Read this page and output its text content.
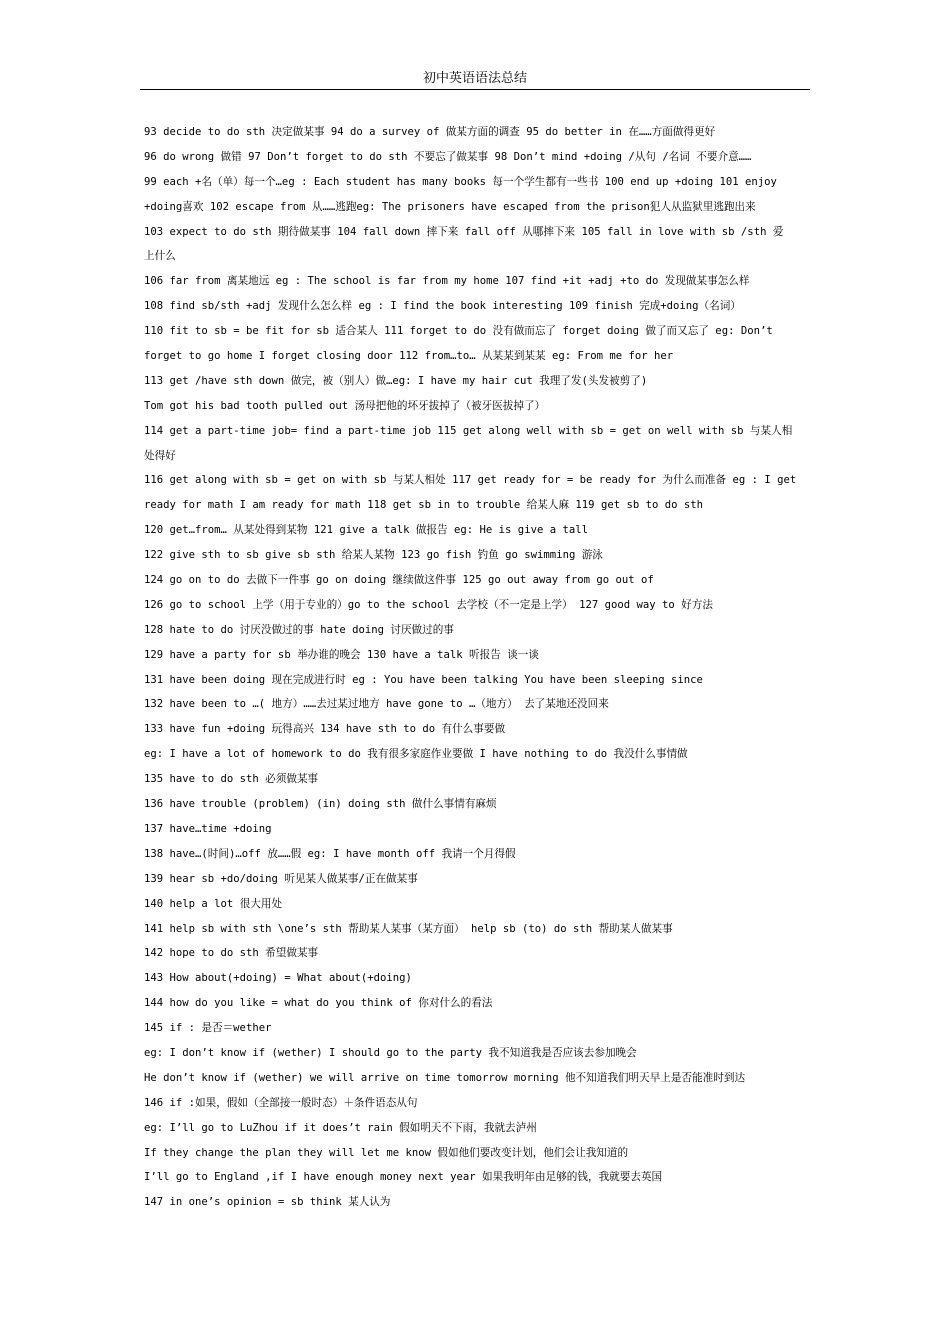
初中英语语法总结
93 decide to do sth 决定做某事 94 do a survey of 做某方面的调查 95 do better in 在……方面做得更好
96 do wrong 做错 97 Don’t forget to do sth 不要忘了做某事 98 Don’t mind +doing /从句 /名词 不要介意……
99 each +名（单）每一个…eg : Each student has many books 每一个学生都有一些书 100 end up +doing 101 enjoy
+doing喜欢 102 escape from 从……逃跑eg: The prisoners have escaped from the prison犯人从监狱里逃跑出来
103 expect to do sth 期待做某事 104 fall down 摔下来 fall off 从哪摔下来 105 fall in love with sb /sth 爱
上什么
106 far from 离某地远 eg : The school is far from my home 107 find +it +adj +to do 发现做某事怎么样
108 find sb/sth +adj 发现什么怎么样 eg : I find the book interesting 109 finish 完成+doing（名词）
110 fit to sb = be fit for sb 适合某人 111 forget to do 没有做而忘了 forget doing 做了而又忘了 eg: Don’t
forget to go home I forget closing door 112 from…to… 从某某到某某 eg: From me for her
113 get /have sth down 做完，被（别人）做…eg: I have my hair cut 我理了发(头发被剪了)
Tom got his bad tooth pulled out 汤母把他的坏牙拔掉了（被牙医拔掉了）
114 get a part-time job= find a part-time job 115 get along well with sb = get on well with sb 与某人相
处得好
116 get along with sb = get on with sb 与某人相处 117 get ready for = be ready for 为什么而准备 eg : I get
ready for math I am ready for math 118 get sb in to trouble 给某人麻 119 get sb to do sth
120 get…from… 从某处得到某物 121 give a talk 做报告 eg: He is give a tall
122 give sth to sb give sb sth 给某人某物 123 go fish 钓鱼 go swimming 游泳
124 go on to do 去做下一件事 go on doing 继续做这件事 125 go out away from go out of
126 go to school 上学（用于专业的）go to the school 去学校（不一定是上学） 127 good way to 好方法
128 hate to do 讨厌没做过的事 hate doing 讨厌做过的事
129 have a party for sb 举办谁的晚会 130 have a talk 听报告 谈一谈
131 have been doing 现在完成进行时 eg : You have been talking You have been sleeping since
132 have been to …( 地方）……去过某过地方 have gone to …（地方） 去了某地还没回来
133 have fun +doing 玩得高兴 134 have sth to do 有什么事要做
eg: I have a lot of homework to do 我有很多家庭作业要做 I have nothing to do 我没什么事情做
135 have to do sth 必须做某事
136 have trouble (problem) (in) doing sth 做什么事情有麻烦
137 have…time +doing
138 have…(时间)…off 放……假 eg: I have month off 我请一个月得假
139 hear sb +do/doing 听见某人做某事/正在做某事
140 help a lot 很大用处
141 help sb with sth \one’s sth 帮助某人某事（某方面） help sb (to) do sth 帮助某人做某事
142 hope to do sth 希望做某事
143 How about(+doing) = What about(+doing)
144 how do you like = what do you think of 你对什么的看法
145 if : 是否＝wether
eg: I don’t know if (wether) I should go to the party 我不知道我是否应该去参加晚会
He don’t know if (wether) we will arrive on time tomorrow morning 他不知道我们明天早上是否能准时到达
146 if :如果，假如（全部接一般时态）＋条件语态从句
eg: I’ll go to LuZhou if it does’t rain 假如明天不下雨，我就去泸州
If they change the plan they will let me know 假如他们要改变计划，他们会让我知道的
I’ll go to England ,if I have enough money next year 如果我明年由足够的钱，我就要去英国
147 in one’s opinion = sb think 某人认为
